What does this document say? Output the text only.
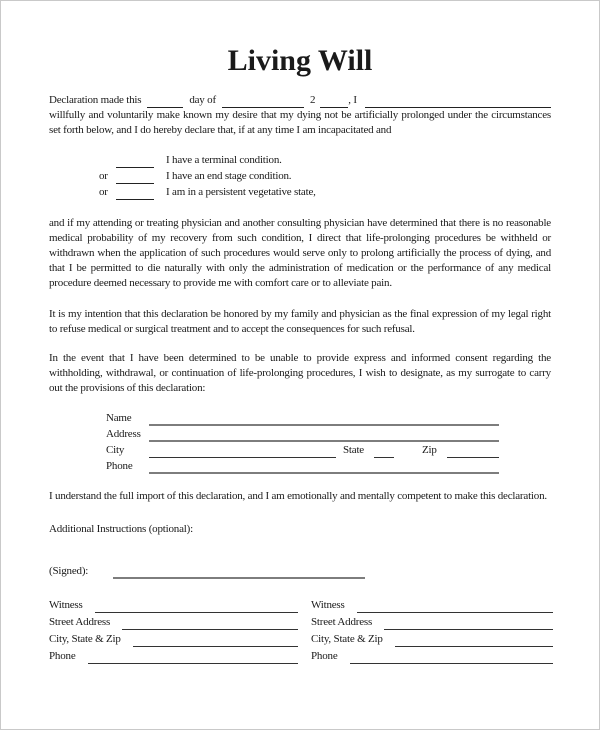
Living Will
Declaration made this	day of	2	, I

willfully and voluntarily make known my desire that my dying not be artificially prolonged under the circumstances set forth below, and I do hereby declare that, if at any time I am incapacitated and

I have a terminal condition.
or	I have an end stage condition.
or	I am in a persistent vegetative state,

and if my attending or treating physician and another consulting physician have determined that there is no reasonable medical probability of my recovery from such condition, I direct that life-prolonging procedures be withheld or withdrawn when the application of such procedures would serve only to prolong artificially the process of dying, and that I be permitted to die naturally with only the administration of medication or the performance of any medical procedure deemed necessary to provide me with comfort care or to alleviate pain.

It is my intention that this declaration be honored by my family and physician as the final expression of my legal right to refuse medical or surgical treatment and to accept the consequences for such refusal.

In the event that I have been determined to be unable to provide express and informed consent regarding the withholding, withdrawal, or continuation of life-prolonging procedures, I wish to designate, as my surrogate to carry out the provisions of this declaration:

Name
Address
City	State	Zip
Phone

I understand the full import of this declaration, and I am emotionally and mentally competent to make this declaration.

Additional Instructions (optional):

(Signed):
Witness
Street Address
City, State & Zip
Phone
Witness
Street Address
City, State & Zip
Phone
